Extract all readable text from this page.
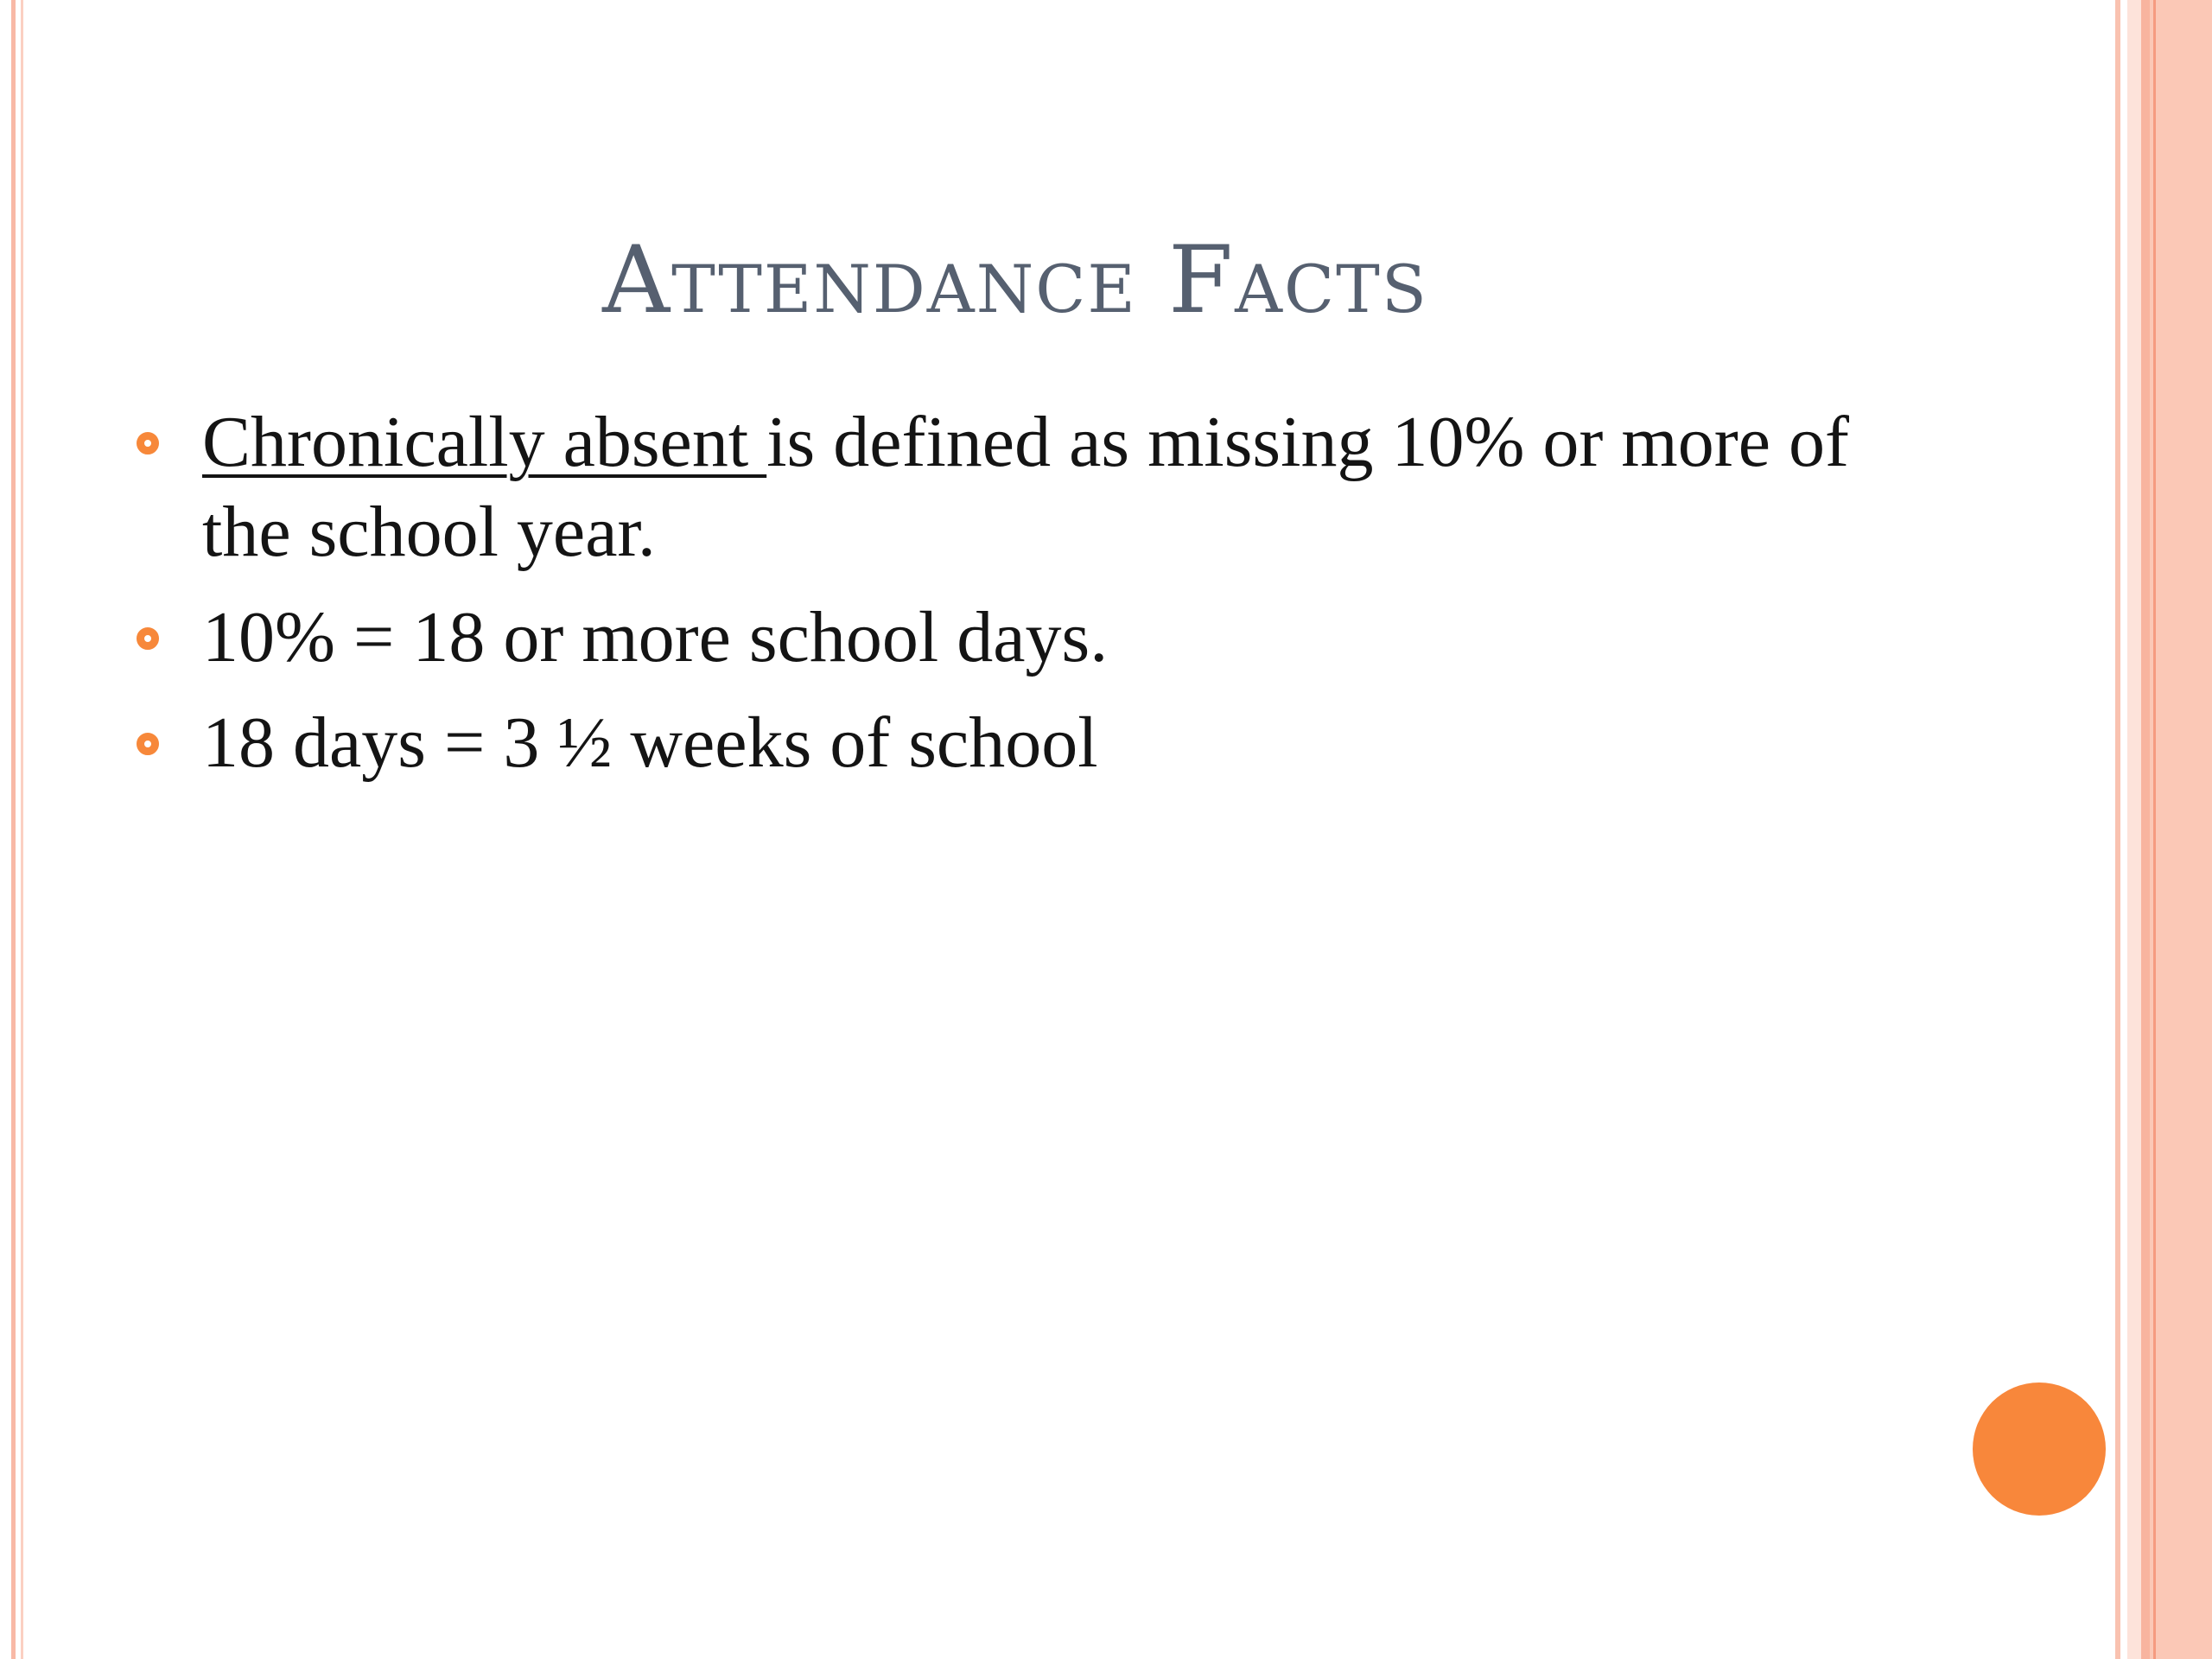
Attendance Facts
Chronically absent is defined as missing 10% or more of the school year.
10% = 18 or more school days.
18 days = 3 ½ weeks of school
